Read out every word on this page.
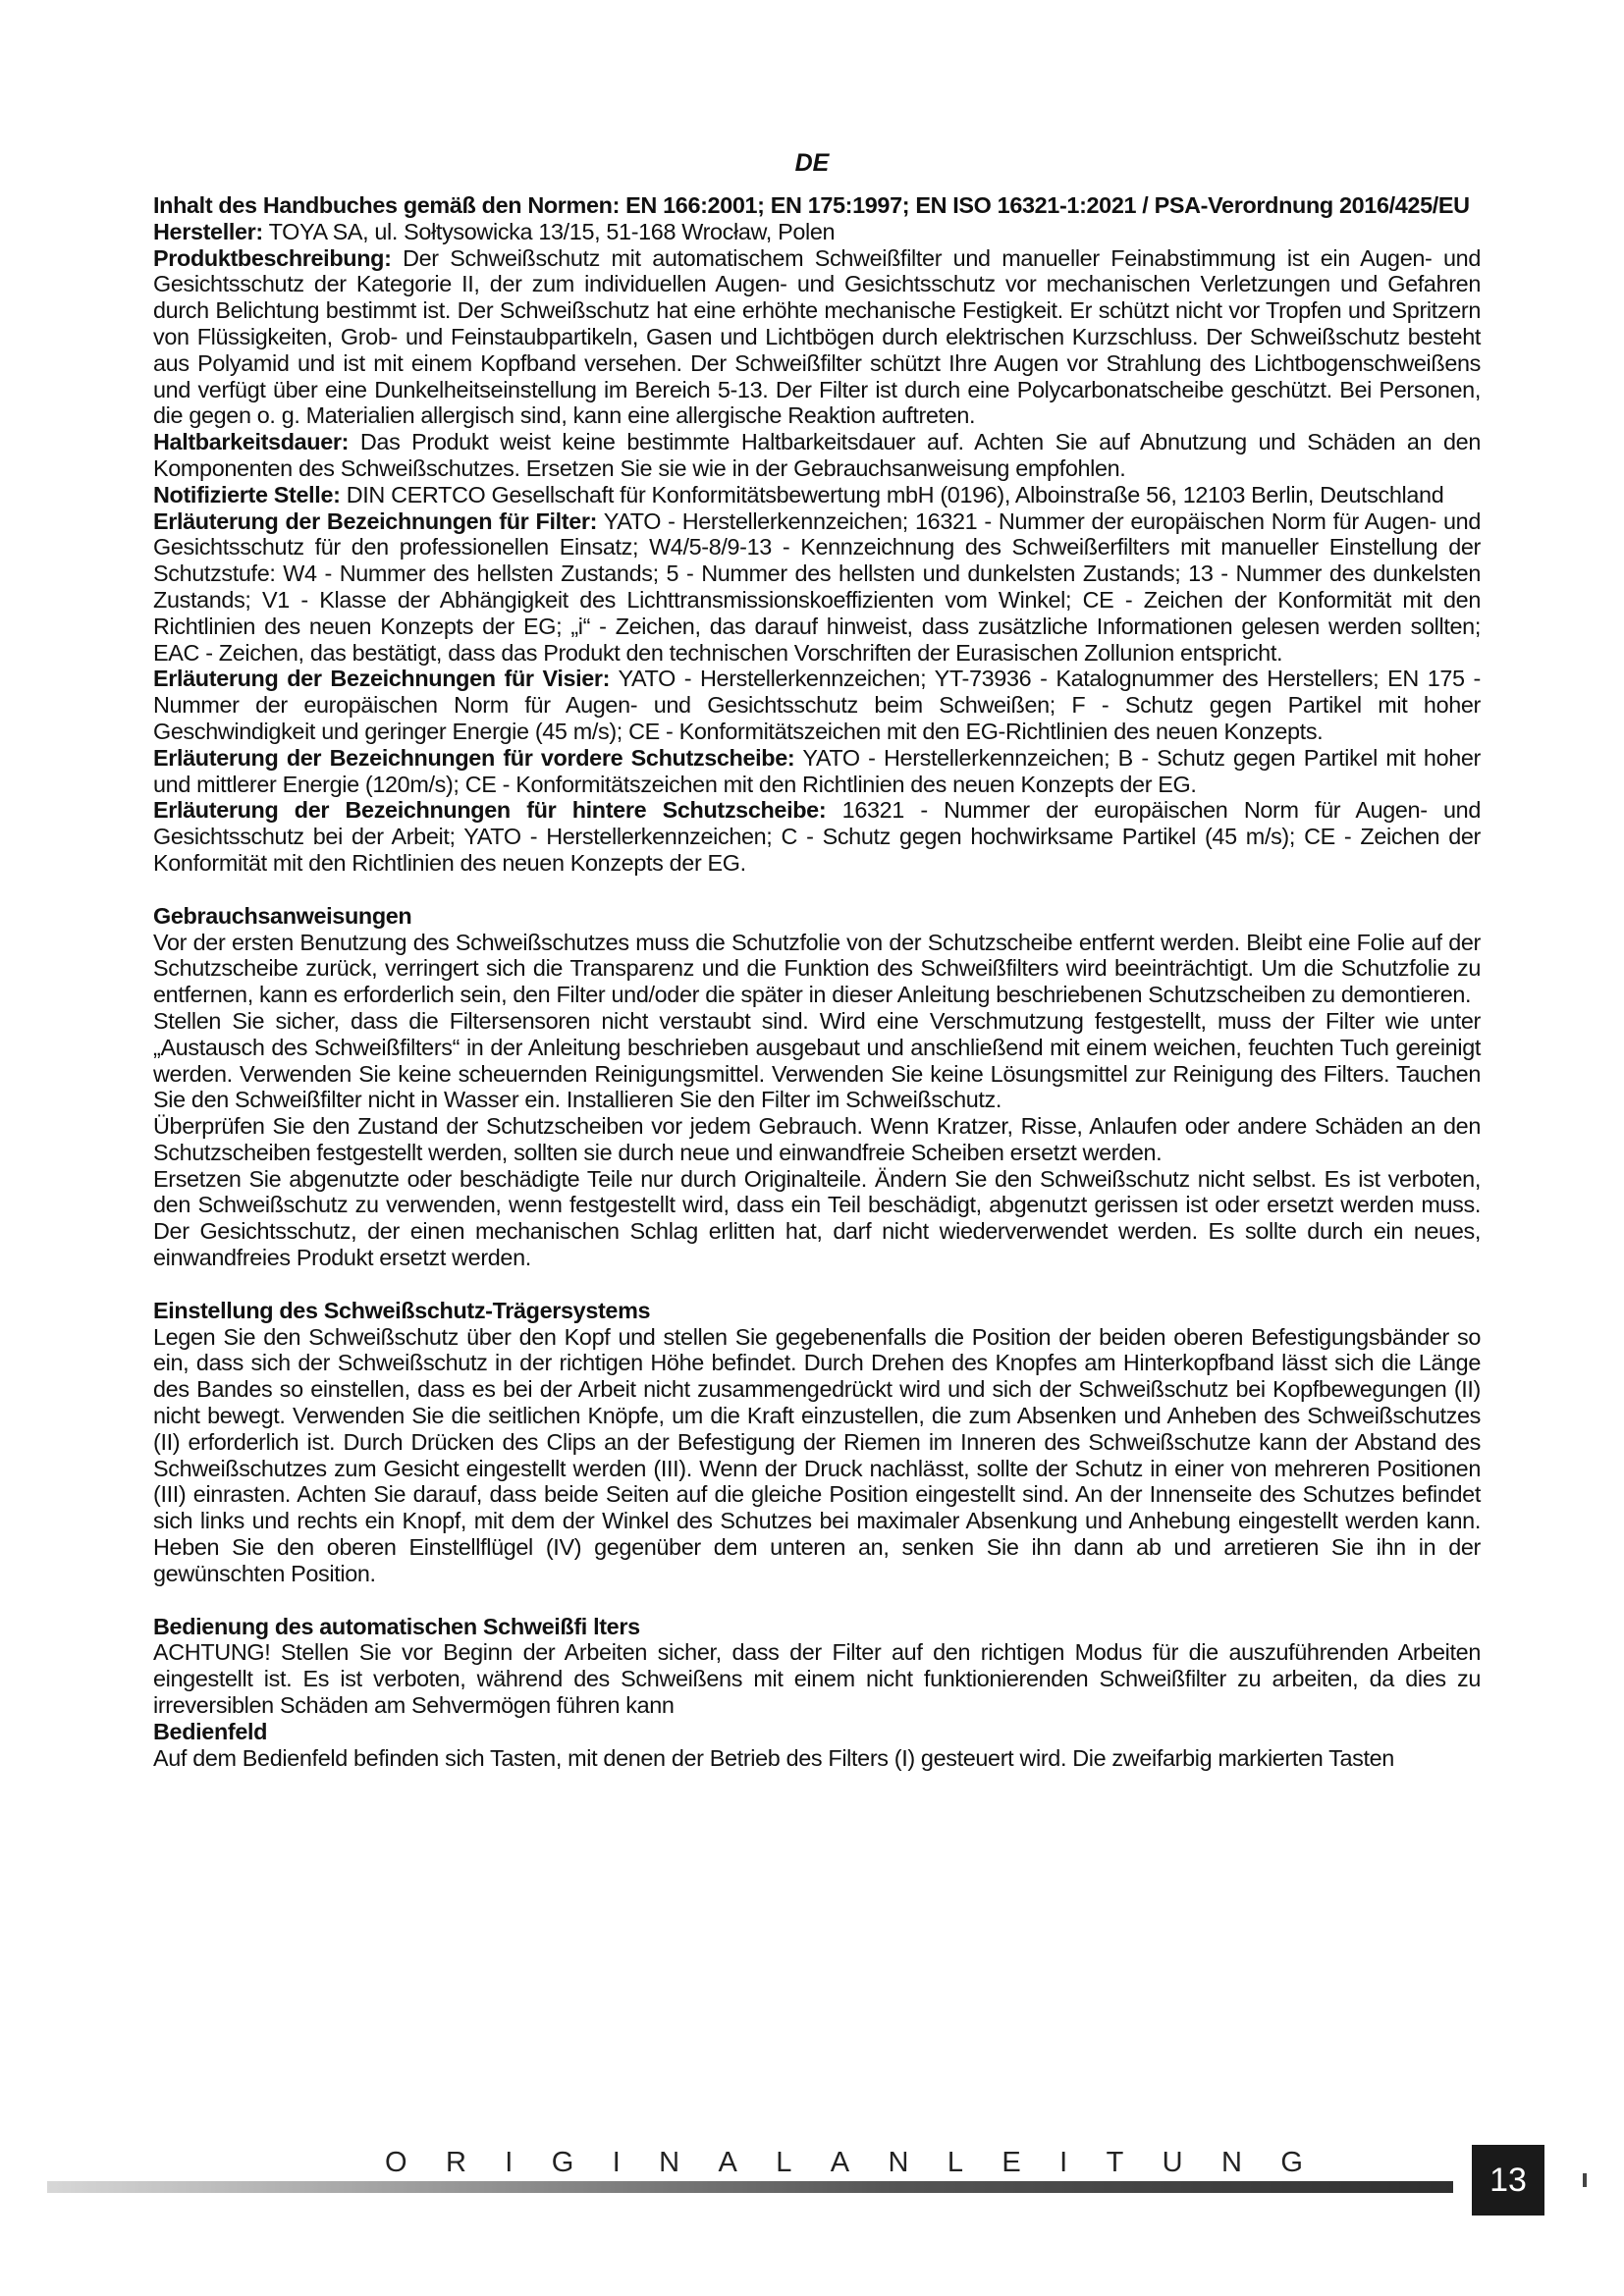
DE

Inhalt des Handbuches gemäß den Normen: EN 166:2001; EN 175:1997; EN ISO 16321-1:2021 / PSA-Verordnung 2016/425/EU

Hersteller: TOYA SA, ul. Sołtysowicka 13/15, 51-168 Wrocław, Polen

Produktbeschreibung: Der Schweißschutz mit automatischem Schweißfilter und manueller Feinabstimmung ist ein Augen- und Gesichtsschutz der Kategorie II, der zum individuellen Augen- und Gesichtsschutz vor mechanischen Verletzungen und Gefahren durch Belichtung bestimmt ist. Der Schweißschutz hat eine erhöhte mechanische Festigkeit. Er schützt nicht vor Tropfen und Spritzern von Flüssigkeiten, Grob- und Feinstaubpartikeln, Gasen und Lichtbögen durch elektrischen Kurzschluss. Der Schweißschutz besteht aus Polyamid und ist mit einem Kopfband versehen. Der Schweißfilter schützt Ihre Augen vor Strahlung des Lichtbogenschweißens und verfügt über eine Dunkelheitseinstellung im Bereich 5-13. Der Filter ist durch eine Polycarbonatscheibe geschützt. Bei Personen, die gegen o. g. Materialien allergisch sind, kann eine allergische Reaktion auftreten.

Haltbarkeitsdauer: Das Produkt weist keine bestimmte Haltbarkeitsdauer auf. Achten Sie auf Abnutzung und Schäden an den Komponenten des Schweißschutzes. Ersetzen Sie sie wie in der Gebrauchsanweisung empfohlen.

Notifizierte Stelle: DIN CERTCO Gesellschaft für Konformitätsbewertung mbH (0196), Alboinstraße 56, 12103 Berlin, Deutschland

Erläuterung der Bezeichnungen für Filter: YATO - Herstellerkennzeichen; 16321 - Nummer der europäischen Norm für Augen- und Gesichtsschutz für den professionellen Einsatz; W4/5-8/9-13 - Kennzeichnung des Schweißerfilters mit manueller Einstellung der Schutzstufe: W4 - Nummer des hellsten Zustands; 5 - Nummer des hellsten und dunkelsten Zustands; 13 - Nummer des dunkelsten Zustands; V1 - Klasse der Abhängigkeit des Lichttransmissionskoeffizienten vom Winkel; CE - Zeichen der Konformität mit den Richtlinien des neuen Konzepts der EG; „i“ - Zeichen, das darauf hinweist, dass zusätzliche Informationen gelesen werden sollten; EAC - Zeichen, das bestätigt, dass das Produkt den technischen Vorschriften der Eurasischen Zollunion entspricht.

Erläuterung der Bezeichnungen für Visier: YATO - Herstellerkennzeichen; YT-73936 - Katalognummer des Herstellers; EN 175 - Nummer der europäischen Norm für Augen- und Gesichtsschutz beim Schweißen; F - Schutz gegen Partikel mit hoher Geschwindigkeit und geringer Energie (45 m/s); CE - Konformitätszeichen mit den EG-Richtlinien des neuen Konzepts.

Erläuterung der Bezeichnungen für vordere Schutzscheibe: YATO - Herstellerkennzeichen; B - Schutz gegen Partikel mit hoher und mittlerer Energie (120m/s); CE - Konformitätszeichen mit den Richtlinien des neuen Konzepts der EG.

Erläuterung der Bezeichnungen für hintere Schutzscheibe: 16321 - Nummer der europäischen Norm für Augen- und Gesichtsschutz bei der Arbeit; YATO - Herstellerkennzeichen; C - Schutz gegen hochwirksame Partikel (45 m/s); CE - Zeichen der Konformität mit den Richtlinien des neuen Konzepts der EG.

Gebrauchsanweisungen

Vor der ersten Benutzung des Schweißschutzes muss die Schutzfolie von der Schutzscheibe entfernt werden. Bleibt eine Folie auf der Schutzscheibe zurück, verringert sich die Transparenz und die Funktion des Schweißfilters wird beeinträchtigt. Um die Schutzfolie zu entfernen, kann es erforderlich sein, den Filter und/oder die später in dieser Anleitung beschriebenen Schutzscheiben zu demontieren.

Stellen Sie sicher, dass die Filtersensoren nicht verstaubt sind. Wird eine Verschmutzung festgestellt, muss der Filter wie unter „Austausch des Schweißfilters“ in der Anleitung beschrieben ausgebaut und anschließend mit einem weichen, feuchten Tuch gereinigt werden. Verwenden Sie keine scheuernden Reinigungsmittel. Verwenden Sie keine Lösungsmittel zur Reinigung des Filters. Tauchen Sie den Schweißfilter nicht in Wasser ein. Installieren Sie den Filter im Schweißschutz.

Überprüfen Sie den Zustand der Schutzscheiben vor jedem Gebrauch. Wenn Kratzer, Risse, Anlaufen oder andere Schäden an den Schutzscheiben festgestellt werden, sollten sie durch neue und einwandfreie Scheiben ersetzt werden.

Ersetzen Sie abgenutzte oder beschädigte Teile nur durch Originalteile. Ändern Sie den Schweißschutz nicht selbst. Es ist verboten, den Schweißschutz zu verwenden, wenn festgestellt wird, dass ein Teil beschädigt, abgenutzt gerissen ist oder ersetzt werden muss. Der Gesichtsschutz, der einen mechanischen Schlag erlitten hat, darf nicht wiederverwendet werden. Es sollte durch ein neues, einwandfreies Produkt ersetzt werden.

Einstellung des Schweißschutz-Trägersystems

Legen Sie den Schweißschutz über den Kopf und stellen Sie gegebenenfalls die Position der beiden oberen Befestigungsbänder so ein, dass sich der Schweißschutz in der richtigen Höhe befindet. Durch Drehen des Knopfes am Hinterkopfband lässt sich die Länge des Bandes so einstellen, dass es bei der Arbeit nicht zusammengedrückt wird und sich der Schweißschutz bei Kopfbewegungen (II) nicht bewegt. Verwenden Sie die seitlichen Knöpfe, um die Kraft einzustellen, die zum Absenken und Anheben des Schweißschutzes (II) erforderlich ist. Durch Drücken des Clips an der Befestigung der Riemen im Inneren des Schweißschutze kann der Abstand des Schweißschutzes zum Gesicht eingestellt werden (III). Wenn der Druck nachlässt, sollte der Schutz in einer von mehreren Positionen (III) einrasten. Achten Sie darauf, dass beide Seiten auf die gleiche Position eingestellt sind. An der Innenseite des Schutzes befindet sich links und rechts ein Knopf, mit dem der Winkel des Schutzes bei maximaler Absenkung und Anhebung eingestellt werden kann. Heben Sie den oberen Einstellflügel (IV) gegenüber dem unteren an, senken Sie ihn dann ab und arretieren Sie ihn in der gewünschten Position.

Bedienung des automatischen Schweißfi lters

ACHTUNG! Stellen Sie vor Beginn der Arbeiten sicher, dass der Filter auf den richtigen Modus für die auszuführenden Arbeiten eingestellt ist. Es ist verboten, während des Schweißens mit einem nicht funktionierenden Schweißfilter zu arbeiten, da dies zu irreversiblen Schäden am Sehvermögen führen kann

Bedienfeld

Auf dem Bedienfeld befinden sich Tasten, mit denen der Betrieb des Filters (I) gesteuert wird. Die zweifarbig markierten Tasten

O R I G I N A L A N L E I T U N G	13
